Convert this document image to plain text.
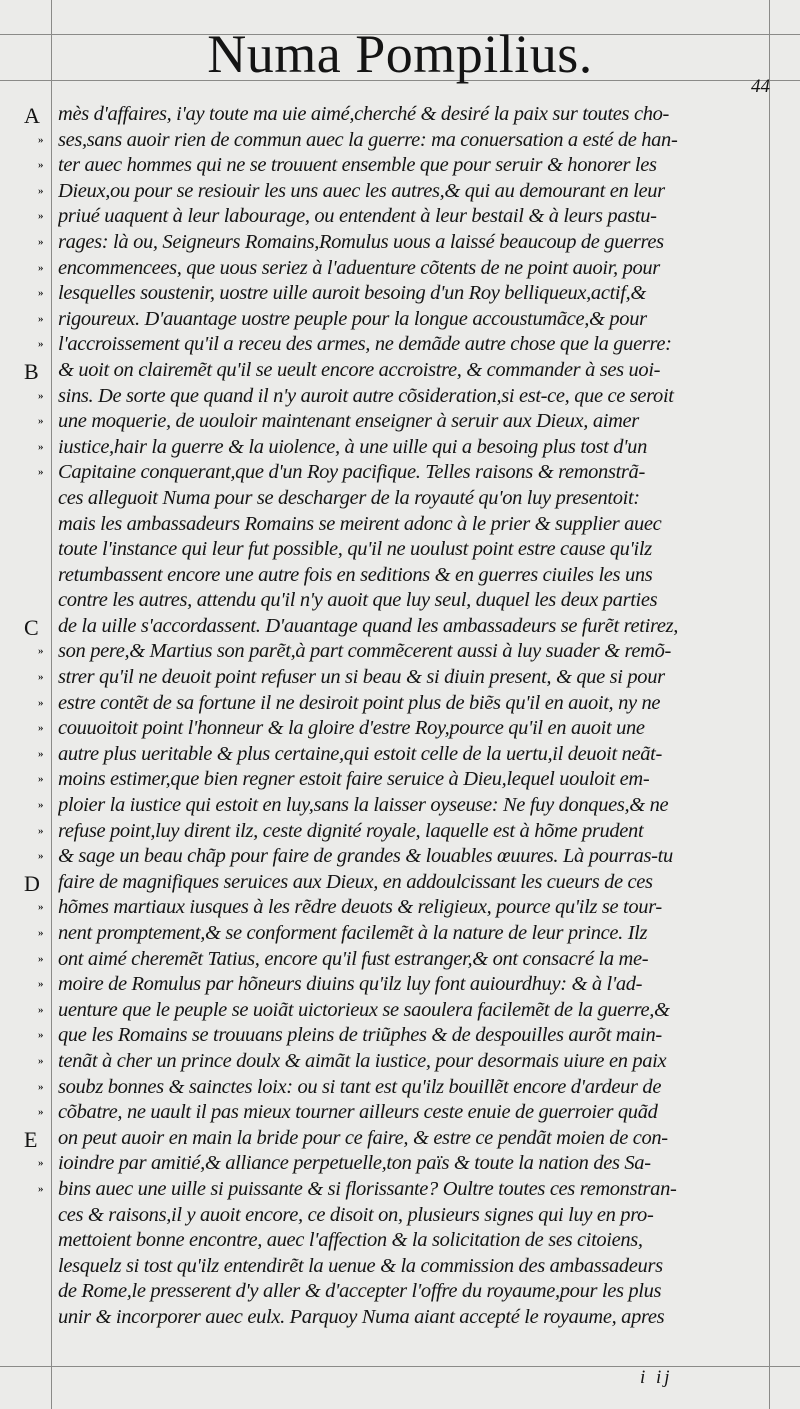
Numa Pompilius.
44
A
»
»
»
»
»
»
»
»
»
B
»
»
»
»
C
»
»
»
»
»
»
»
»
»
D
»
»
»
»
»
»
»
»
»
E
»
»
mès d'affaires, i'ay toute ma uie aimé,cherché & desiré la paix sur toutes cho-
ses,sans auoir rien de commun auec la guerre: ma conuersation a esté de han-
ter auec hommes qui ne se trouuent ensemble que pour seruir & honorer les
Dieux,ou pour se resiouir les uns auec les autres,& qui au demourant en leur
priué uaquent à leur labourage, ou entendent à leur bestail & à leurs pastu-
rages: là ou, Seigneurs Romains,Romulus uous a laissé beaucoup de guerres
encommencees, que uous seriez à l'aduenture cõtents de ne point auoir, pour
lesquelles soustenir, uostre uille auroit besoing d'un Roy belliqueux,actif,&
rigoureux. D'auantage uostre peuple pour la longue accoustumãce,& pour
l'accroissement qu'il a receu des armes, ne demãde autre chose que la guerre:
& uoit on clairemẽt qu'il se ueult encore accroistre, & commander à ses uoi-
sins. De sorte que quand il n'y auroit autre cõsideration,si est-ce, que ce seroit
une moquerie, de uouloir maintenant enseigner à seruir aux Dieux, aimer
iustice,hair la guerre & la uiolence, à une uille qui a besoing plus tost d'un
Capitaine conquerant,que d'un Roy pacifique. Telles raisons & remonstrã-
ces alleguoit Numa pour se descharger de la royauté qu'on luy presentoit:
mais les ambassadeurs Romains se meirent adonc à le prier & supplier auec
toute l'instance qui leur fut possible, qu'il ne uoulust point estre cause qu'ilz
retumbassent encore une autre fois en seditions & en guerres ciuiles les uns
contre les autres, attendu qu'il n'y auoit que luy seul, duquel les deux parties
de la uille s'accordassent. D'auantage quand les ambassadeurs se furẽt retirez,
son pere,& Martius son parẽt,à part commẽcerent aussi à luy suader & remõ-
strer qu'il ne deuoit point refuser un si beau & si diuin present, & que si pour
estre contẽt de sa fortune il ne desiroit point plus de biẽs qu'il en auoit, ny ne
couuoitoit point l'honneur & la gloire d'estre Roy,pource qu'il en auoit une
autre plus ueritable & plus certaine,qui estoit celle de la uertu,il deuoit neãt-
moins estimer,que bien regner estoit faire seruice à Dieu,lequel uouloit em-
ploier la iustice qui estoit en luy,sans la laisser oyseuse: Ne fuy donques,& ne
refuse point,luy dirent ilz, ceste dignité royale, laquelle est à hõme prudent
& sage un beau chãp pour faire de grandes & louables œuures. Là pourras-tu
faire de magnifiques seruices aux Dieux, en addoulcissant les cueurs de ces
hõmes martiaux iusques à les rẽdre deuots & religieux, pource qu'ilz se tour-
nent promptement,& se conforment facilemẽt à la nature de leur prince. Ilz
ont aimé cheremẽt Tatius, encore qu'il fust estranger,& ont consacré la me-
moire de Romulus par hõneurs diuins qu'ilz luy font auiourdhuy: & à l'ad-
uenture que le peuple se uoiãt uictorieux se saoulera facilemẽt de la guerre,&
que les Romains se trouuans pleins de triũphes & de despouilles aurõt main-
tenãt à cher un prince doulx & aimãt la iustice, pour desormais uiure en paix
soubz bonnes & sainctes loix: ou si tant est qu'ilz bouillẽt encore d'ardeur de
cõbatre, ne uault il pas mieux tourner ailleurs ceste enuie de guerroier quãd
on peut auoir en main la bride pour ce faire, & estre ce pendãt moien de con-
ioindre par amitié,& alliance perpetuelle,ton païs & toute la nation des Sa-
bins auec une uille si puissante & si florissante? Oultre toutes ces remonstran-
ces & raisons,il y auoit encore, ce disoit on, plusieurs signes qui luy en pro-
mettoient bonne encontre, auec l'affection & la solicitation de ses citoiens,
lesquelz si tost qu'ilz entendirẽt la uenue & la commission des ambassadeurs
de Rome,le presserent d'y aller & d'accepter l'offre du royaume,pour les plus
unir & incorporer auec eulx. Parquoy Numa aiant accepté le royaume, apres
i ij
